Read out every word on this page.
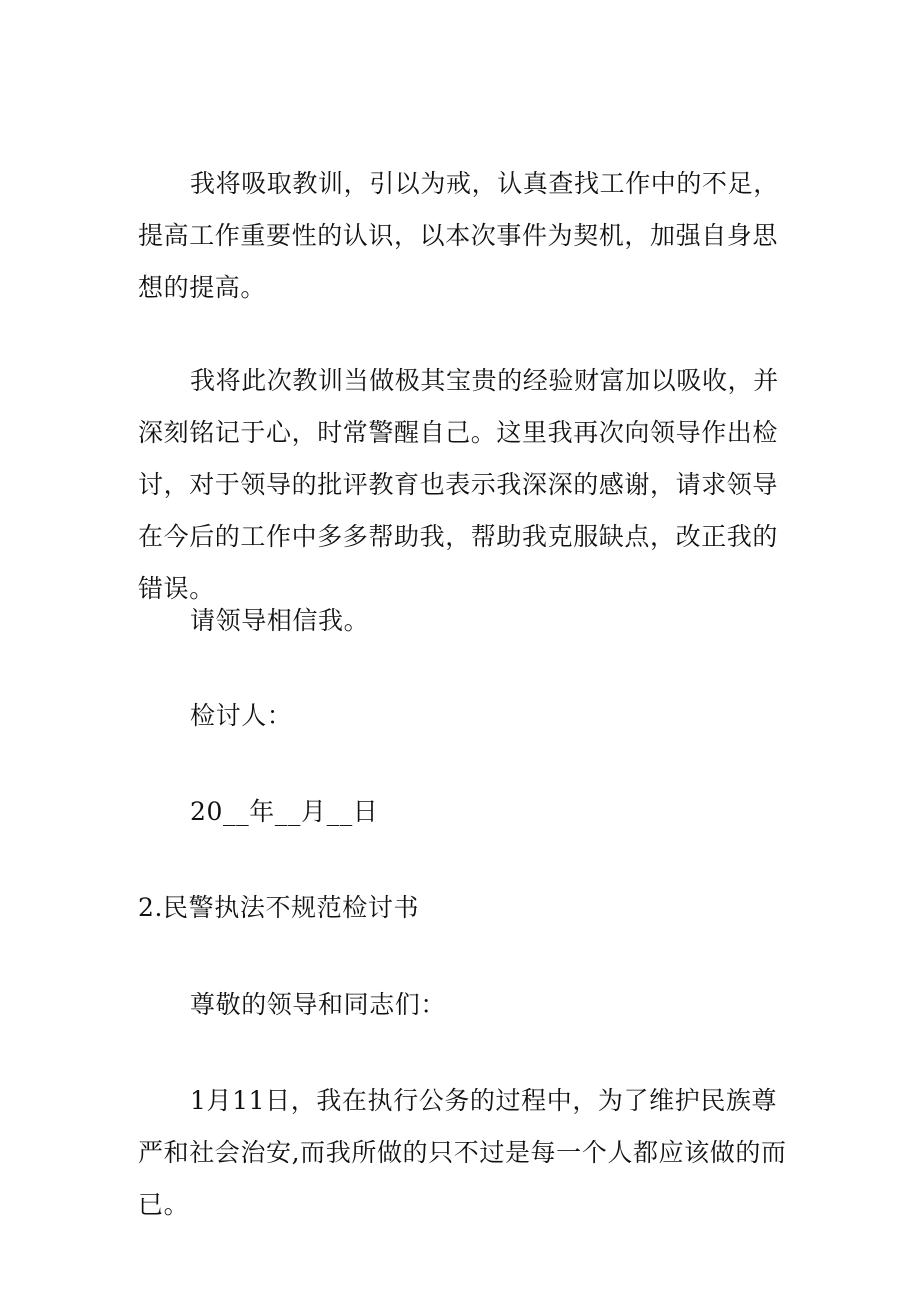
我将吸取教训，引以为戒，认真查找工作中的不足，提高工作重要性的认识，以本次事件为契机，加强自身思想的提高。

我将此次教训当做极其宝贵的经验财富加以吸收，并深刻铭记于心，时常警醒自己。这里我再次向领导作出检讨，对于领导的批评教育也表示我深深的感谢，请求领导在今后的工作中多多帮助我，帮助我克服缺点，改正我的错误。

请领导相信我。

检讨人：

20__年__月__日

2.民警执法不规范检讨书

尊敬的领导和同志们：

1月11日，我在执行公务的过程中，为了维护民族尊严和社会治安,而我所做的只不过是每一个人都应该做的而已。
